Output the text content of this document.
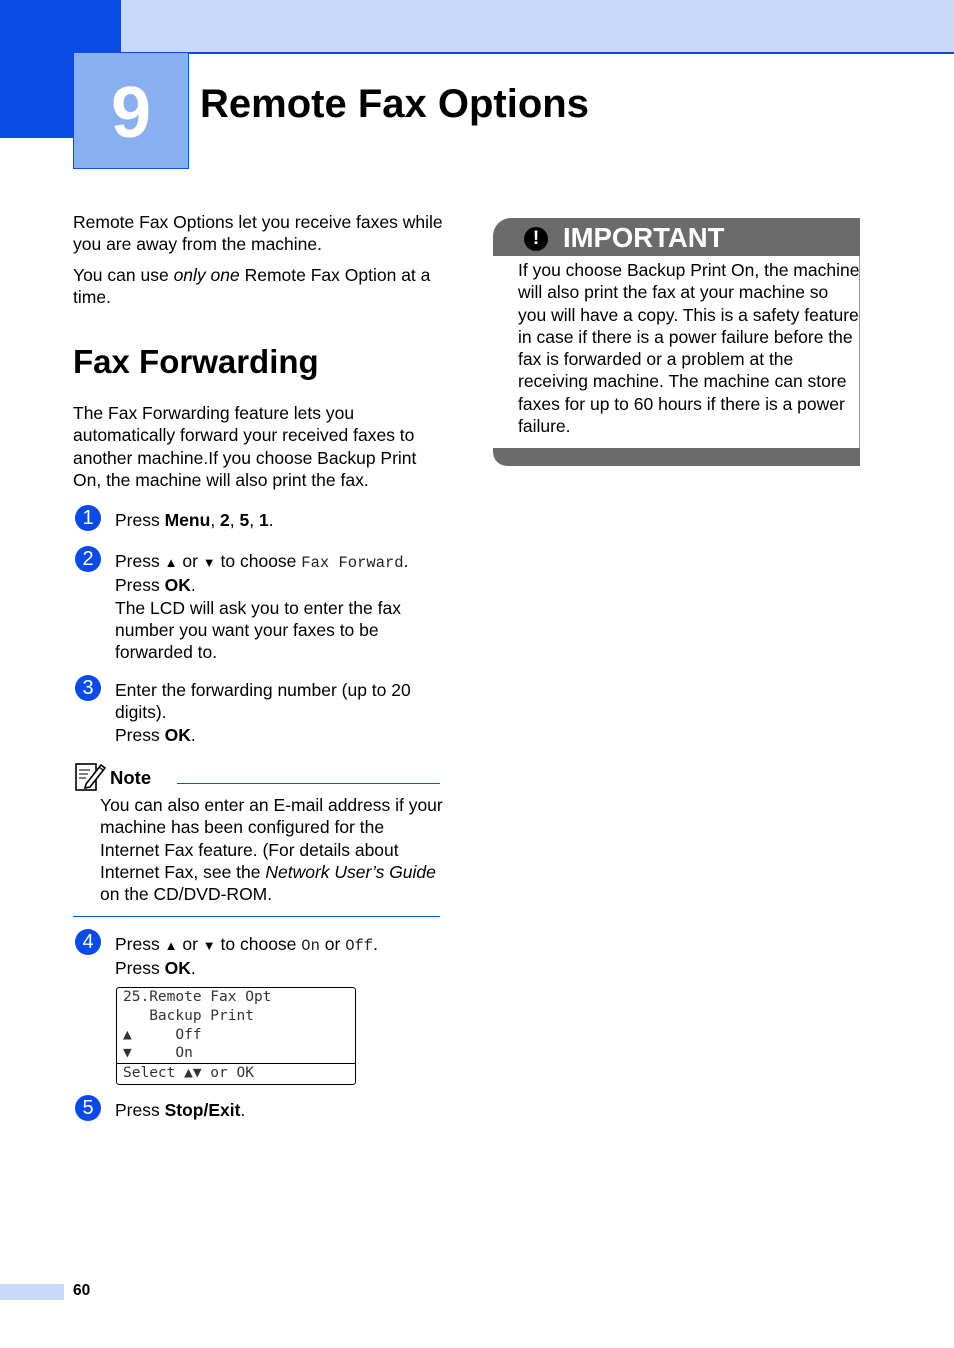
9 Remote Fax Options

Remote Fax Options let you receive faxes while you are away from the machine.

You can use only one Remote Fax Option at a time.

Fax Forwarding

The Fax Forwarding feature lets you automatically forward your received faxes to another machine.If you choose Backup Print On, the machine will also print the fax.

1	Press Menu, 2, 5, 1.
2	Press ▲ or ▼ to choose Fax Forward.
Press OK.
The LCD will ask you to enter the fax number you want your faxes to be forwarded to.
3	Enter the forwarding number (up to 20 digits).
Press OK.
Note

You can also enter an E-mail address if your machine has been configured for the Internet Fax feature. (For details about Internet Fax, see the Network User’s Guide on the CD/DVD-ROM.

4	Press ▲ or ▼ to choose On or Off.
Press OK.
25.Remote Fax Opt
Backup Print
▲     Off
▼     On
Select ▲▼ or OK
5	Press Stop/Exit.
! IMPORTANT

If you choose Backup Print On, the machine will also print the fax at your machine so you will have a copy. This is a safety feature in case if there is a power failure before the fax is forwarded or a problem at the receiving machine. The machine can store faxes for up to 60 hours if there is a power failure.

60
